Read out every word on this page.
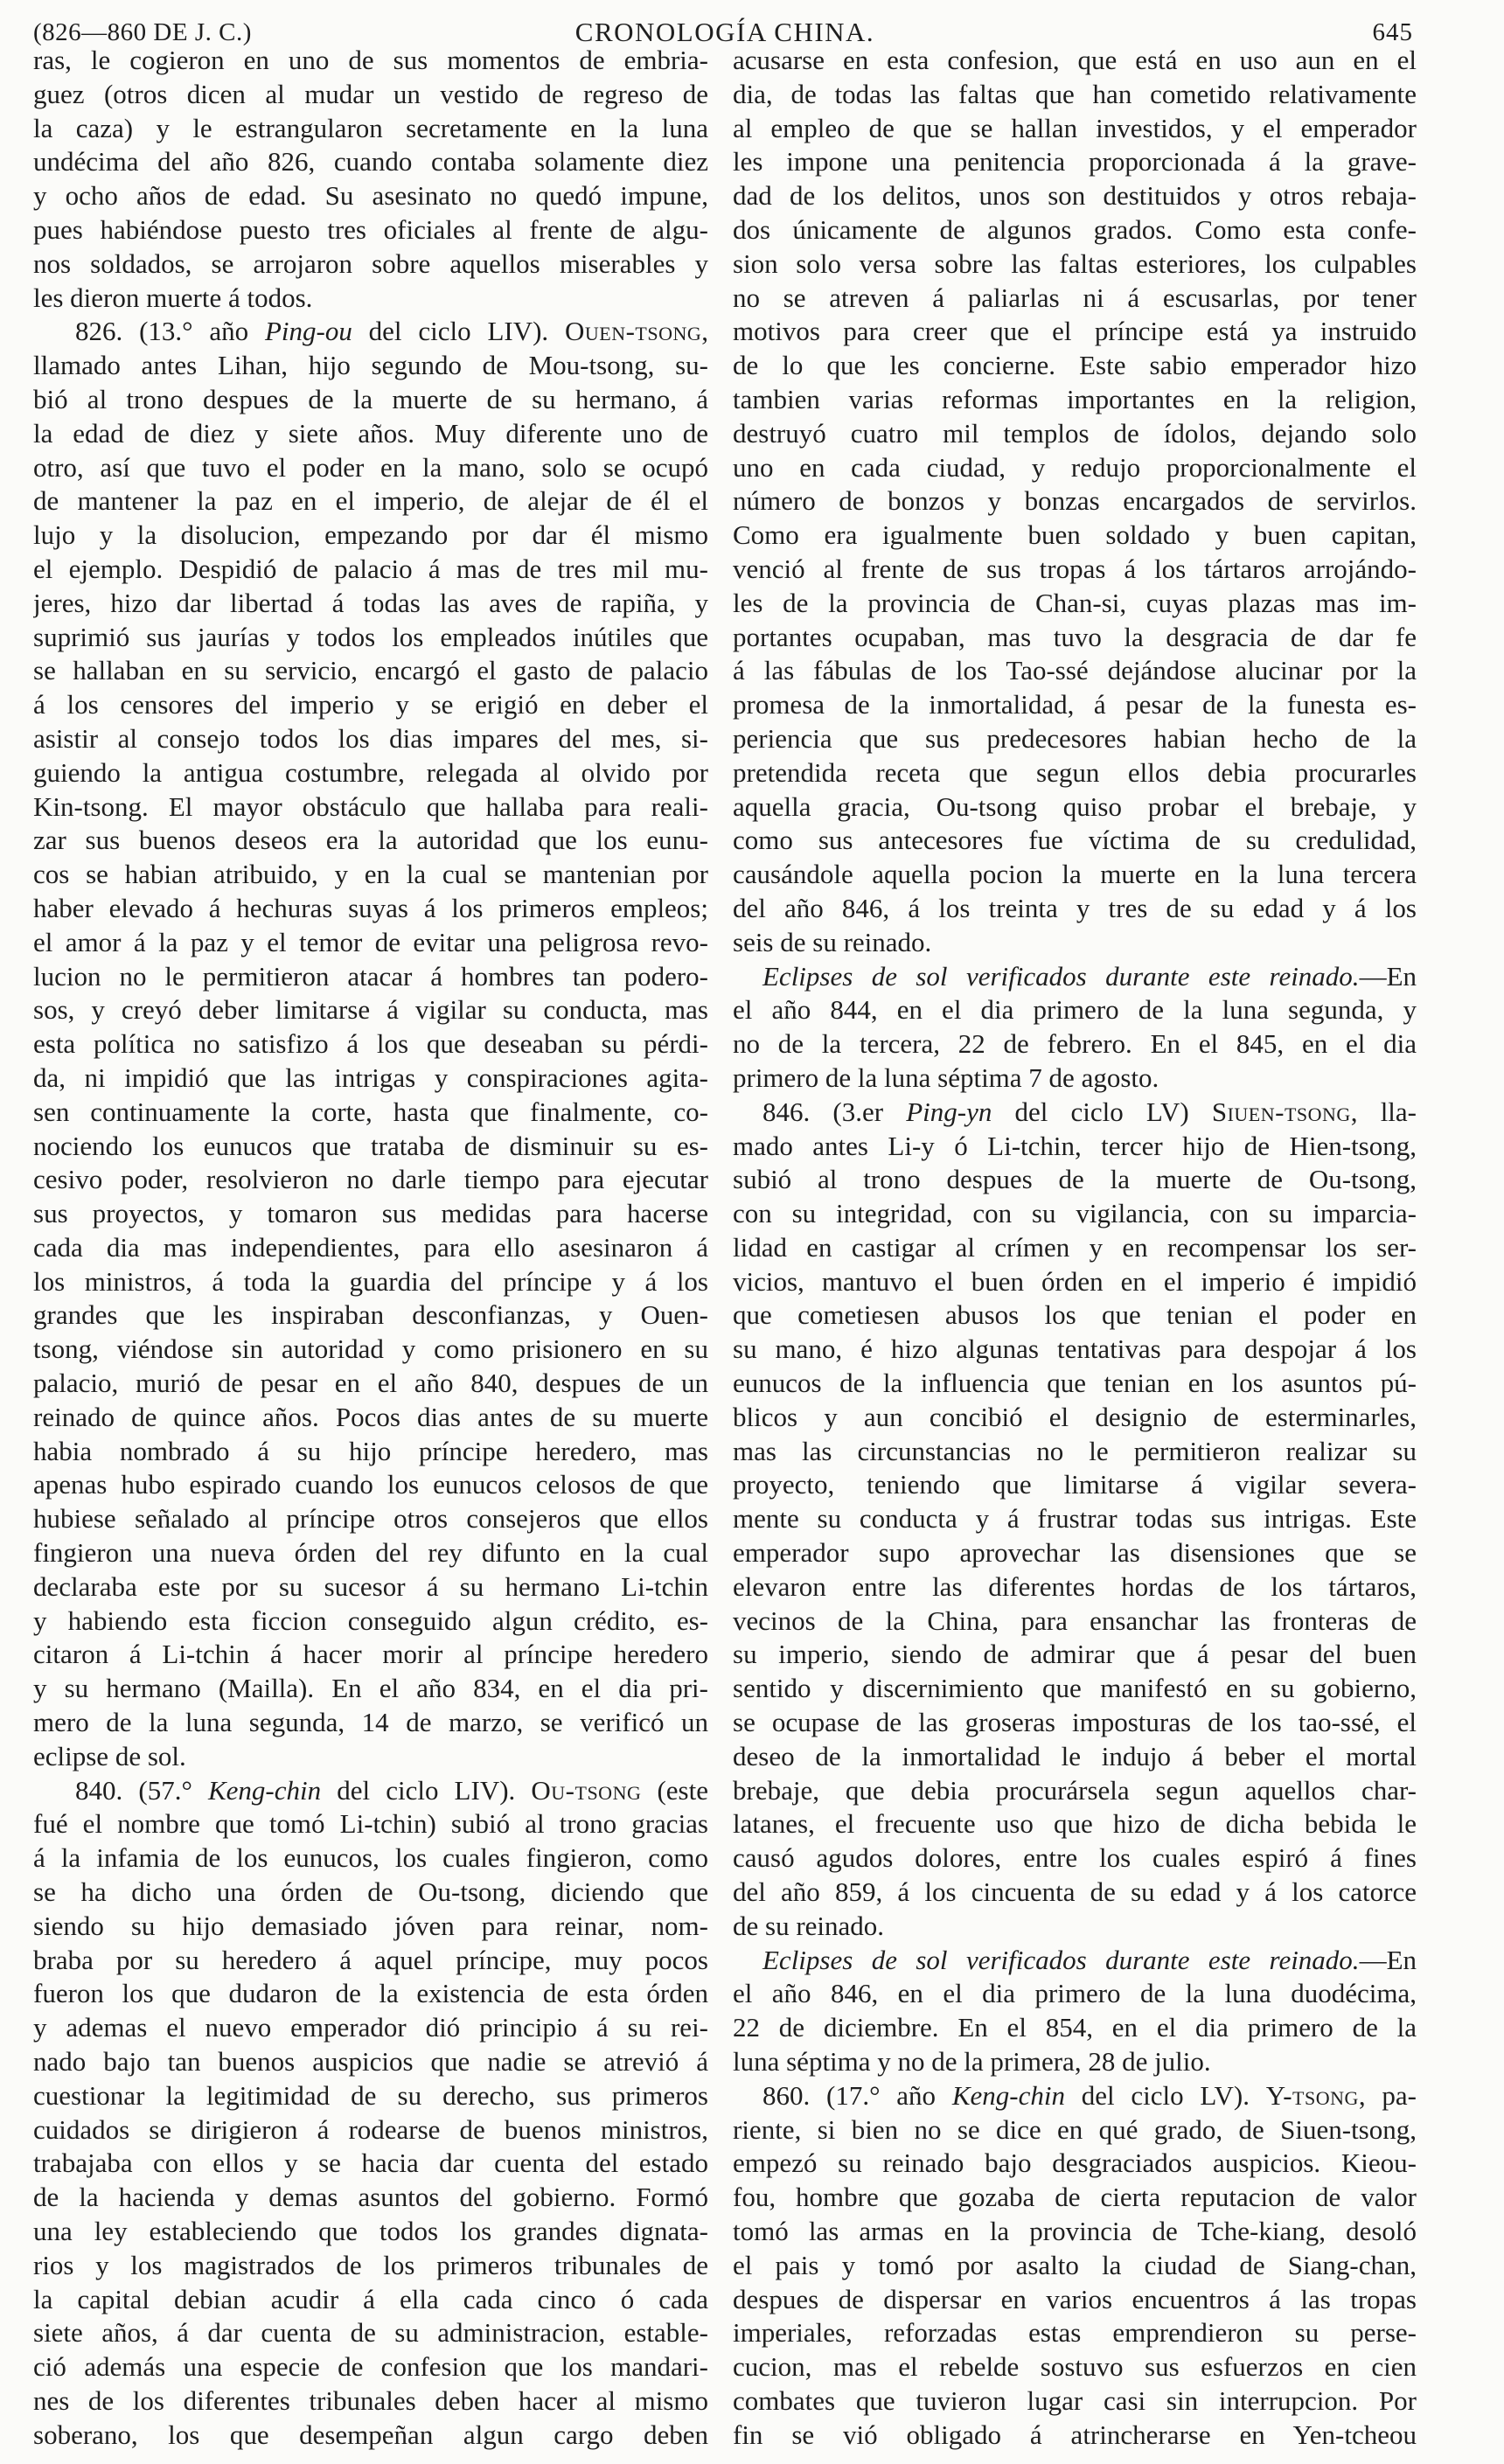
(826—860 DE J. C.)	CRONOLOGÍA CHINA.	645
ras, le cogieron en uno de sus momentos de embria-
guez (otros dicen al mudar un vestido de regreso de
la caza) y le estrangularon secretamente en la luna
undécima del año 826, cuando contaba solamente diez
y ocho años de edad. Su asesinato no quedó impune,
pues habiéndose puesto tres oficiales al frente de algu-
nos soldados, se arrojaron sobre aquellos miserables y
les dieron muerte á todos.
826. (13.° año Ping-ou del ciclo LIV). Ouen-tsong,
llamado antes Lihan, hijo segundo de Mou-tsong, su-
bió al trono despues de la muerte de su hermano, á
la edad de diez y siete años. Muy diferente uno de
otro, así que tuvo el poder en la mano, solo se ocupó
de mantener la paz en el imperio, de alejar de él el
lujo y la disolucion, empezando por dar él mismo
el ejemplo. Despidió de palacio á mas de tres mil mu-
jeres, hizo dar libertad á todas las aves de rapiña, y
suprimió sus jaurías y todos los empleados inútiles que
se hallaban en su servicio, encargó el gasto de palacio
á los censores del imperio y se erigió en deber el
asistir al consejo todos los dias impares del mes, si-
guiendo la antigua costumbre, relegada al olvido por
Kin-tsong. El mayor obstáculo que hallaba para reali-
zar sus buenos deseos era la autoridad que los eunu-
cos se habian atribuido, y en la cual se mantenian por
haber elevado á hechuras suyas á los primeros empleos;
el amor á la paz y el temor de evitar una peligrosa revo-
lucion no le permitieron atacar á hombres tan podero-
sos, y creyó deber limitarse á vigilar su conducta, mas
esta política no satisfizo á los que deseaban su pérdi-
da, ni impidió que las intrigas y conspiraciones agita-
sen continuamente la corte, hasta que finalmente, co-
nociendo los eunucos que trataba de disminuir su es-
cesivo poder, resolvieron no darle tiempo para ejecutar
sus proyectos, y tomaron sus medidas para hacerse
cada dia mas independientes, para ello asesinaron á
los ministros, á toda la guardia del príncipe y á los
grandes que les inspiraban desconfianzas, y Ouen-
tsong, viéndose sin autoridad y como prisionero en su
palacio, murió de pesar en el año 840, despues de un
reinado de quince años. Pocos dias antes de su muerte
habia nombrado á su hijo príncipe heredero, mas
apenas hubo espirado cuando los eunucos celosos de que
hubiese señalado al príncipe otros consejeros que ellos
fingieron una nueva órden del rey difunto en la cual
declaraba este por su sucesor á su hermano Li-tchin
y habiendo esta ficcion conseguido algun crédito, es-
citaron á Li-tchin á hacer morir al príncipe heredero
y su hermano (Mailla). En el año 834, en el dia pri-
mero de la luna segunda, 14 de marzo, se verificó un
eclipse de sol.
840. (57.° Keng-chin del ciclo LIV). Ou-tsong (este
fué el nombre que tomó Li-tchin) subió al trono gracias
á la infamia de los eunucos, los cuales fingieron, como
se ha dicho una órden de Ou-tsong, diciendo que
siendo su hijo demasiado jóven para reinar, nom-
braba por su heredero á aquel príncipe, muy pocos
fueron los que dudaron de la existencia de esta órden
y ademas el nuevo emperador dió principio á su rei-
nado bajo tan buenos auspicios que nadie se atrevió á
cuestionar la legitimidad de su derecho, sus primeros
cuidados se dirigieron á rodearse de buenos ministros,
trabajaba con ellos y se hacia dar cuenta del estado
de la hacienda y demas asuntos del gobierno. Formó
una ley estableciendo que todos los grandes dignata-
rios y los magistrados de los primeros tribunales de
la capital debian acudir á ella cada cinco ó cada
siete años, á dar cuenta de su administracion, estable-
ció además una especie de confesion que los mandari-
nes de los diferentes tribunales deben hacer al mismo
soberano, los que desempeñan algun cargo deben
acusarse en esta confesion, que está en uso aun en el
dia, de todas las faltas que han cometido relativamente
al empleo de que se hallan investidos, y el emperador
les impone una penitencia proporcionada á la grave-
dad de los delitos, unos son destituidos y otros rebaja-
dos únicamente de algunos grados. Como esta confe-
sion solo versa sobre las faltas esteriores, los culpables
no se atreven á paliarlas ni á escusarlas, por tener
motivos para creer que el príncipe está ya instruido
de lo que les concierne. Este sabio emperador hizo
tambien varias reformas importantes en la religion,
destruyó cuatro mil templos de ídolos, dejando solo
uno en cada ciudad, y redujo proporcionalmente el
número de bonzos y bonzas encargados de servirlos.
Como era igualmente buen soldado y buen capitan,
venció al frente de sus tropas á los tártaros arrojándo-
les de la provincia de Chan-si, cuyas plazas mas im-
portantes ocupaban, mas tuvo la desgracia de dar fe
á las fábulas de los Tao-ssé dejándose alucinar por la
promesa de la inmortalidad, á pesar de la funesta es-
periencia que sus predecesores habian hecho de la
pretendida receta que segun ellos debia procurarles
aquella gracia, Ou-tsong quiso probar el brebaje, y
como sus antecesores fue víctima de su credulidad,
causándole aquella pocion la muerte en la luna tercera
del año 846, á los treinta y tres de su edad y á los
seis de su reinado.
Eclipses de sol verificados durante este reinado.—En
el año 844, en el dia primero de la luna segunda, y
no de la tercera, 22 de febrero. En el 845, en el dia
primero de la luna séptima 7 de agosto.
846. (3.er Ping-yn del ciclo LV) Siuen-tsong, lla-
mado antes Li-y ó Li-tchin, tercer hijo de Hien-tsong,
subió al trono despues de la muerte de Ou-tsong,
con su integridad, con su vigilancia, con su imparcia-
lidad en castigar al crímen y en recompensar los ser-
vicios, mantuvo el buen órden en el imperio é impidió
que cometiesen abusos los que tenian el poder en
su mano, é hizo algunas tentativas para despojar á los
eunucos de la influencia que tenian en los asuntos pú-
blicos y aun concibió el designio de esterminarles,
mas las circunstancias no le permitieron realizar su
proyecto, teniendo que limitarse á vigilar severa-
mente su conducta y á frustrar todas sus intrigas. Este
emperador supo aprovechar las disensiones que se
elevaron entre las diferentes hordas de los tártaros,
vecinos de la China, para ensanchar las fronteras de
su imperio, siendo de admirar que á pesar del buen
sentido y discernimiento que manifestó en su gobierno,
se ocupase de las groseras imposturas de los tao-ssé, el
deseo de la inmortalidad le indujo á beber el mortal
brebaje, que debia procurársela segun aquellos char-
latanes, el frecuente uso que hizo de dicha bebida le
causó agudos dolores, entre los cuales espiró á fines
del año 859, á los cincuenta de su edad y á los catorce
de su reinado.
Eclipses de sol verificados durante este reinado.—En
el año 846, en el dia primero de la luna duodécima,
22 de diciembre. En el 854, en el dia primero de la
luna séptima y no de la primera, 28 de julio.
860. (17.° año Keng-chin del ciclo LV). Y-tsong, pa-
riente, si bien no se dice en qué grado, de Siuen-tsong,
empezó su reinado bajo desgraciados auspicios. Kieou-
fou, hombre que gozaba de cierta reputacion de valor
tomó las armas en la provincia de Tche-kiang, desoló
el pais y tomó por asalto la ciudad de Siang-chan,
despues de dispersar en varios encuentros á las tropas
imperiales, reforzadas estas emprendieron su perse-
cucion, mas el rebelde sostuvo sus esfuerzos en cien
combates que tuvieron lugar casi sin interrupcion. Por
fin se vió obligado á atrincherarse en Yen-tcheou
